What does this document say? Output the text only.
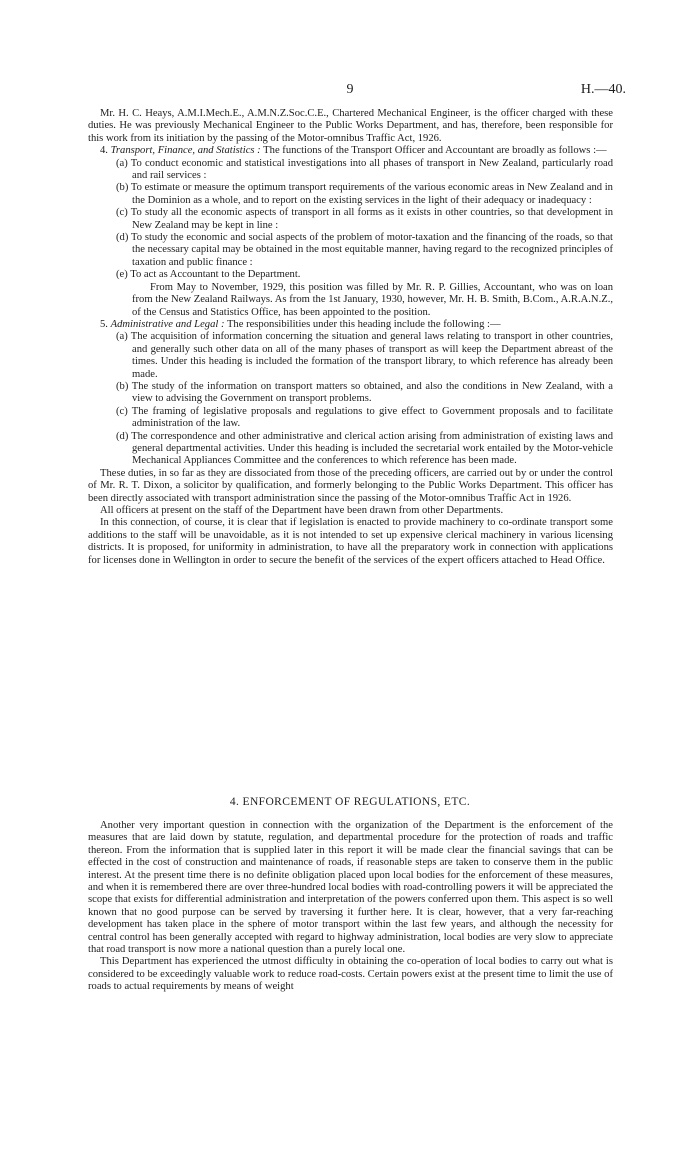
9	H.—40.

Mr. H. C. Heays, A.M.I.Mech.E., A.M.N.Z.Soc.C.E., Chartered Mechanical Engineer, is the officer charged with these duties. He was previously Mechanical Engineer to the Public Works Department, and has, therefore, been responsible for this work from its initiation by the passing of the Motor-omnibus Traffic Act, 1926.

4. Transport, Finance, and Statistics : The functions of the Transport Officer and Accountant are broadly as follows :—

(a) To conduct economic and statistical investigations into all phases of transport in New Zealand, particularly road and rail services :

(b) To estimate or measure the optimum transport requirements of the various economic areas in New Zealand and in the Dominion as a whole, and to report on the existing services in the light of their adequacy or inadequacy :

(c) To study all the economic aspects of transport in all forms as it exists in other countries, so that development in New Zealand may be kept in line :

(d) To study the economic and social aspects of the problem of motor-taxation and the financing of the roads, so that the necessary capital may be obtained in the most equitable manner, having regard to the recognized principles of taxation and public finance :

(e) To act as Accountant to the Department.

From May to November, 1929, this position was filled by Mr. R. P. Gillies, Accountant, who was on loan from the New Zealand Railways. As from the 1st January, 1930, however, Mr. H. B. Smith, B.Com., A.R.A.N.Z., of the Census and Statistics Office, has been appointed to the position.

5. Administrative and Legal : The responsibilities under this heading include the following :—

(a) The acquisition of information concerning the situation and general laws relating to transport in other countries, and generally such other data on all of the many phases of transport as will keep the Department abreast of the times. Under this heading is included the formation of the transport library, to which reference has already been made.

(b) The study of the information on transport matters so obtained, and also the conditions in New Zealand, with a view to advising the Government on transport problems.

(c) The framing of legislative proposals and regulations to give effect to Government proposals and to facilitate administration of the law.

(d) The correspondence and other administrative and clerical action arising from administration of existing laws and general departmental activities. Under this heading is included the secretarial work entailed by the Motor-vehicle Mechanical Appliances Committee and the conferences to which reference has been made.

These duties, in so far as they are dissociated from those of the preceding officers, are carried out by or under the control of Mr. R. T. Dixon, a solicitor by qualification, and formerly belonging to the Public Works Department. This officer has been directly associated with transport administration since the passing of the Motor-omnibus Traffic Act in 1926.

All officers at present on the staff of the Department have been drawn from other Departments.

In this connection, of course, it is clear that if legislation is enacted to provide machinery to co-ordinate transport some additions to the staff will be unavoidable, as it is not intended to set up expensive clerical machinery in various licensing districts. It is proposed, for uniformity in administration, to have all the preparatory work in connection with applications for licenses done in Wellington in order to secure the benefit of the services of the expert officers attached to Head Office.

4. ENFORCEMENT OF REGULATIONS, ETC.

Another very important question in connection with the organization of the Department is the enforcement of the measures that are laid down by statute, regulation, and departmental procedure for the protection of roads and traffic thereon. From the information that is supplied later in this report it will be made clear the financial savings that can be effected in the cost of construction and maintenance of roads, if reasonable steps are taken to conserve them in the public interest. At the present time there is no definite obligation placed upon local bodies for the enforcement of these measures, and when it is remembered there are over three-hundred local bodies with road-controlling powers it will be appreciated the scope that exists for differential administration and interpretation of the powers conferred upon them. This aspect is so well known that no good purpose can be served by traversing it further here. It is clear, however, that a very far-reaching development has taken place in the sphere of motor transport within the last few years, and although the necessity for central control has been generally accepted with regard to highway administration, local bodies are very slow to appreciate that road transport is now more a national question than a purely local one.

This Department has experienced the utmost difficulty in obtaining the co-operation of local bodies to carry out what is considered to be exceedingly valuable work to reduce road-costs. Certain powers exist at the present time to limit the use of roads to actual requirements by means of weight
